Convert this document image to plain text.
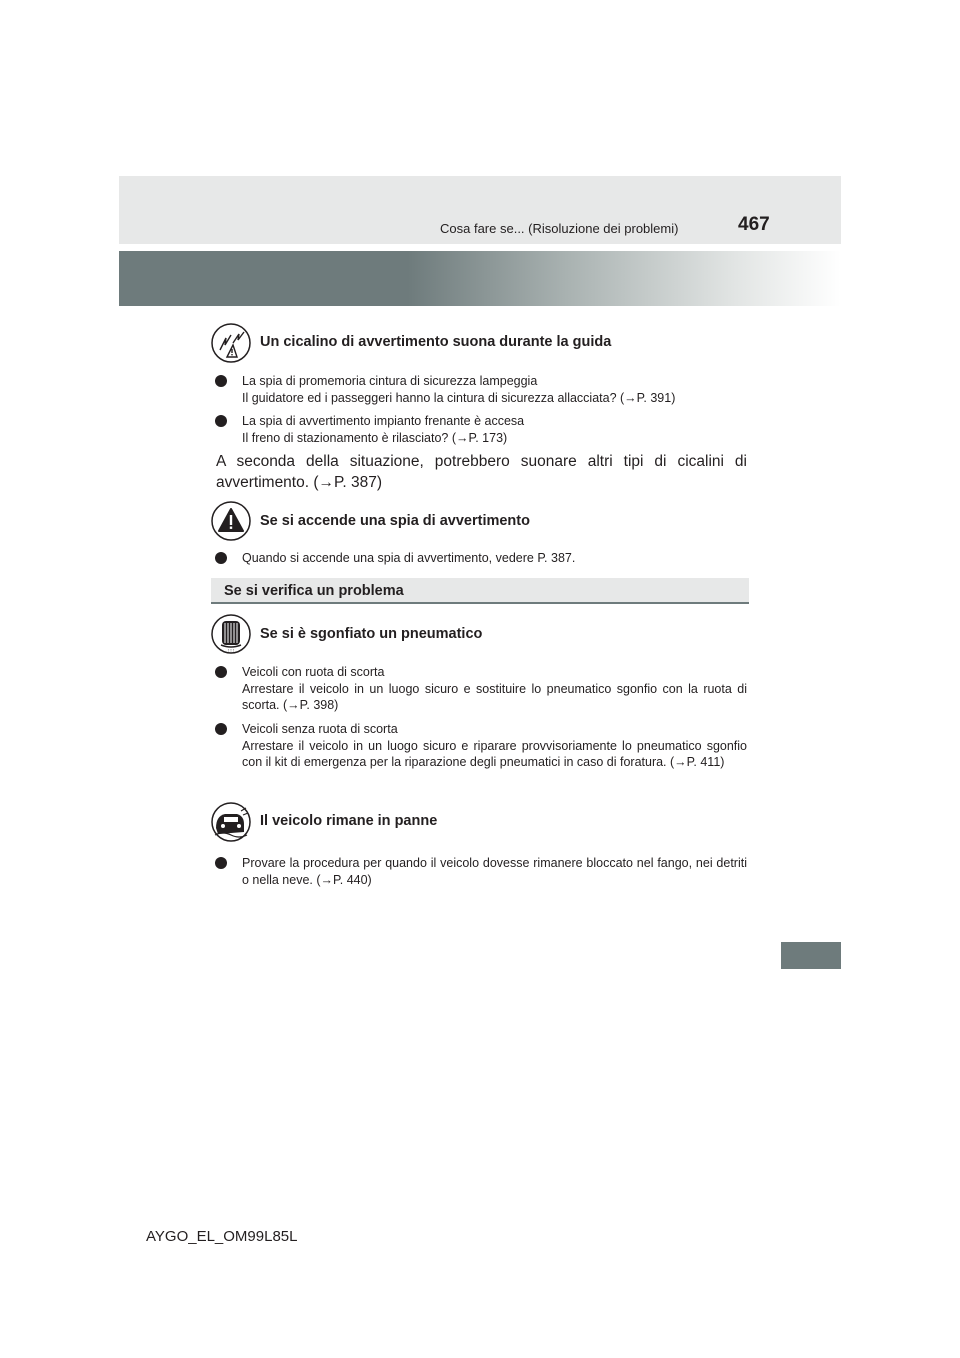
Cosa fare se... (Risoluzione dei problemi)	467
Un cicalino di avvertimento suona durante la guida
La spia di promemoria cintura di sicurezza lampeggia
Il guidatore ed i passeggeri hanno la cintura di sicurezza allacciata? (→P. 391)
La spia di avvertimento impianto frenante è accesa
Il freno di stazionamento è rilasciato? (→P. 173)
A seconda della situazione, potrebbero suonare altri tipi di cicalini di avvertimento. (→P. 387)
Se si accende una spia di avvertimento
Quando si accende una spia di avvertimento, vedere P. 387.
Se si verifica un problema
↑↑↑
Se si è sgonfiato un pneumatico
Veicoli con ruota di scorta
Arrestare il veicolo in un luogo sicuro e sostituire lo pneumatico sgonfio con la ruota di scorta. (→P. 398)
Veicoli senza ruota di scorta
Arrestare il veicolo in un luogo sicuro e riparare provvisoriamente lo pneumatico sgonfio con il kit di emergenza per la riparazione degli pneumatici in caso di foratura. (→P. 411)
Il veicolo rimane in panne
Provare la procedura per quando il veicolo dovesse rimanere bloccato nel fango, nei detriti o nella neve. (→P. 440)
AYGO_EL_OM99L85L
